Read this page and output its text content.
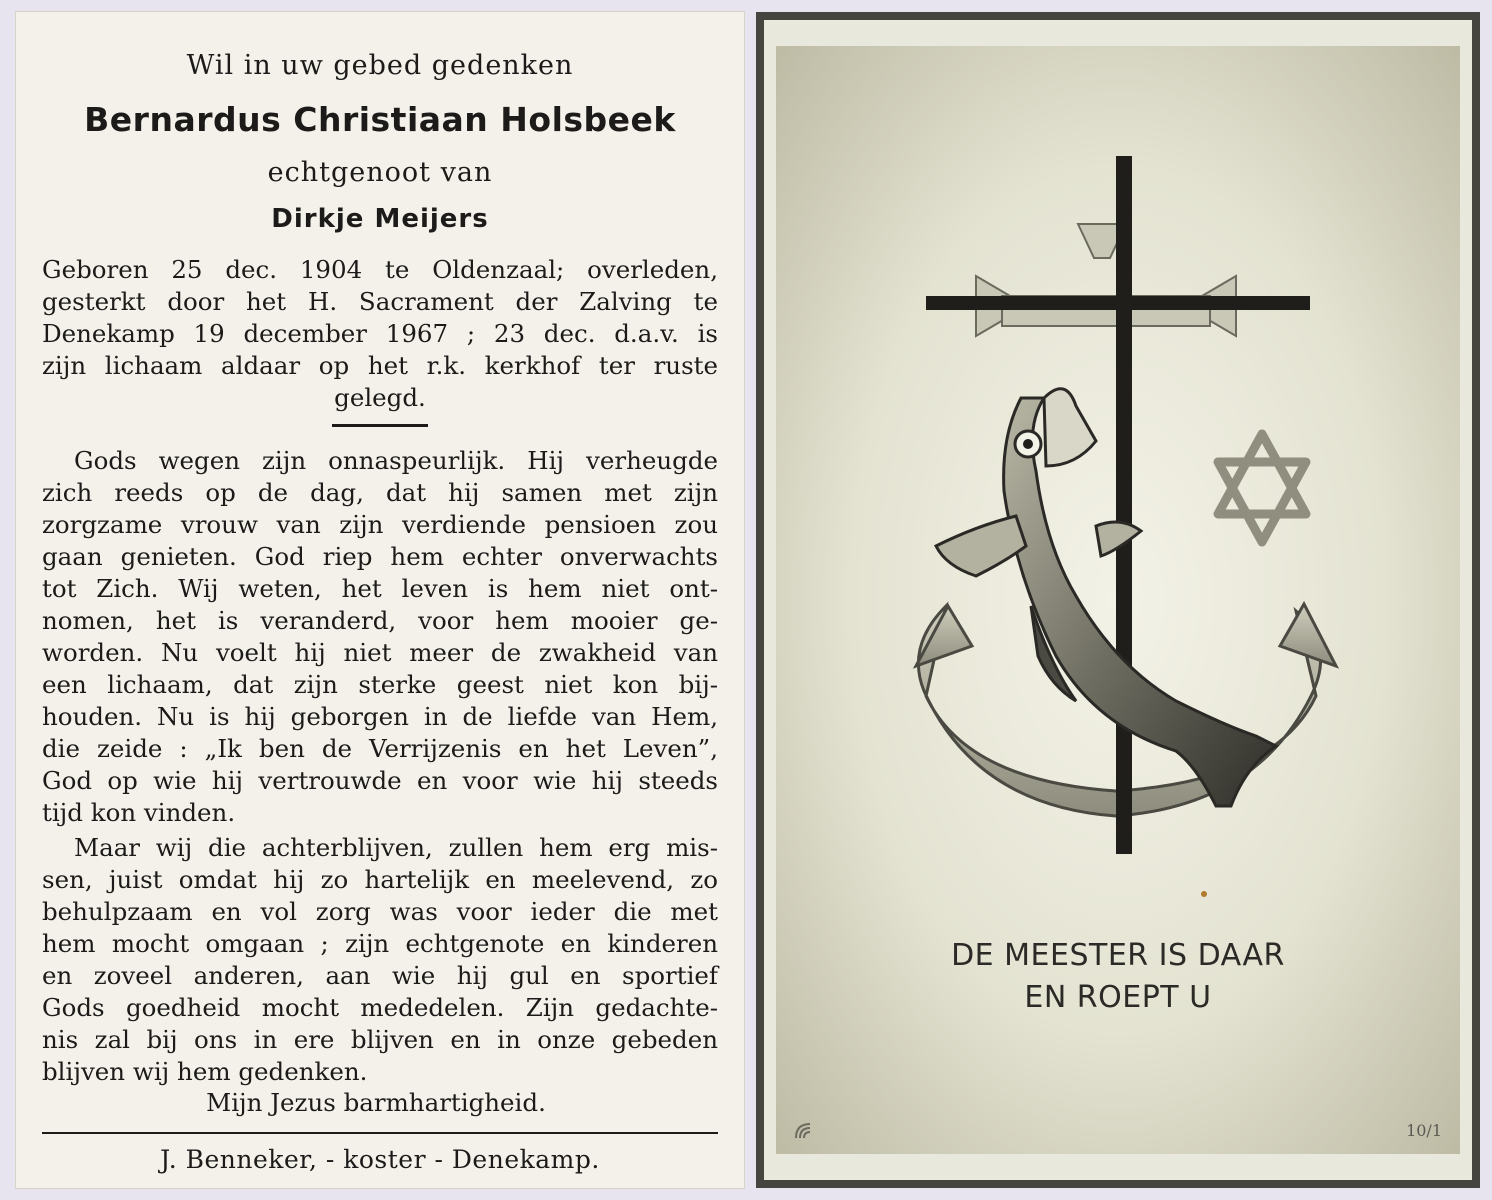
Wil in uw gebed gedenken
Bernardus Christiaan Holsbeek
echtgenoot van
Dirkje Meijers
Geboren 25 dec. 1904 te Oldenzaal; overleden,
gesterkt door het H. Sacrament der Zalving te
Denekamp 19 december 1967 ; 23 dec. d.a.v. is
zijn lichaam aldaar op het r.k. kerkhof ter ruste
gelegd.
Gods wegen zijn onnaspeurlijk. Hij verheugde
zich reeds op de dag, dat hij samen met zijn
zorgzame vrouw van zijn verdiende pensioen zou
gaan genieten. God riep hem echter onverwachts
tot Zich. Wij weten, het leven is hem niet ont-
nomen, het is veranderd, voor hem mooier ge-
worden. Nu voelt hij niet meer de zwakheid van
een lichaam, dat zijn sterke geest niet kon bij-
houden. Nu is hij geborgen in de liefde van Hem,
die zeide : „Ik ben de Verrijzenis en het Leven”,
God op wie hij vertrouwde en voor wie hij steeds
tijd kon vinden.
Maar wij die achterblijven, zullen hem erg mis-
sen, juist omdat hij zo hartelijk en meelevend, zo
behulpzaam en vol zorg was voor ieder die met
hem mocht omgaan ; zijn echtgenote en kinderen
en zoveel anderen, aan wie hij gul en sportief
Gods goedheid mocht mededelen. Zijn gedachte-
nis zal bij ons in ere blijven en in onze gebeden
blijven wij hem gedenken.
Mijn Jezus barmhartigheid.
J. Benneker, - koster - Denekamp.
DE MEESTER IS DAAR
EN ROEPT U
10/1
